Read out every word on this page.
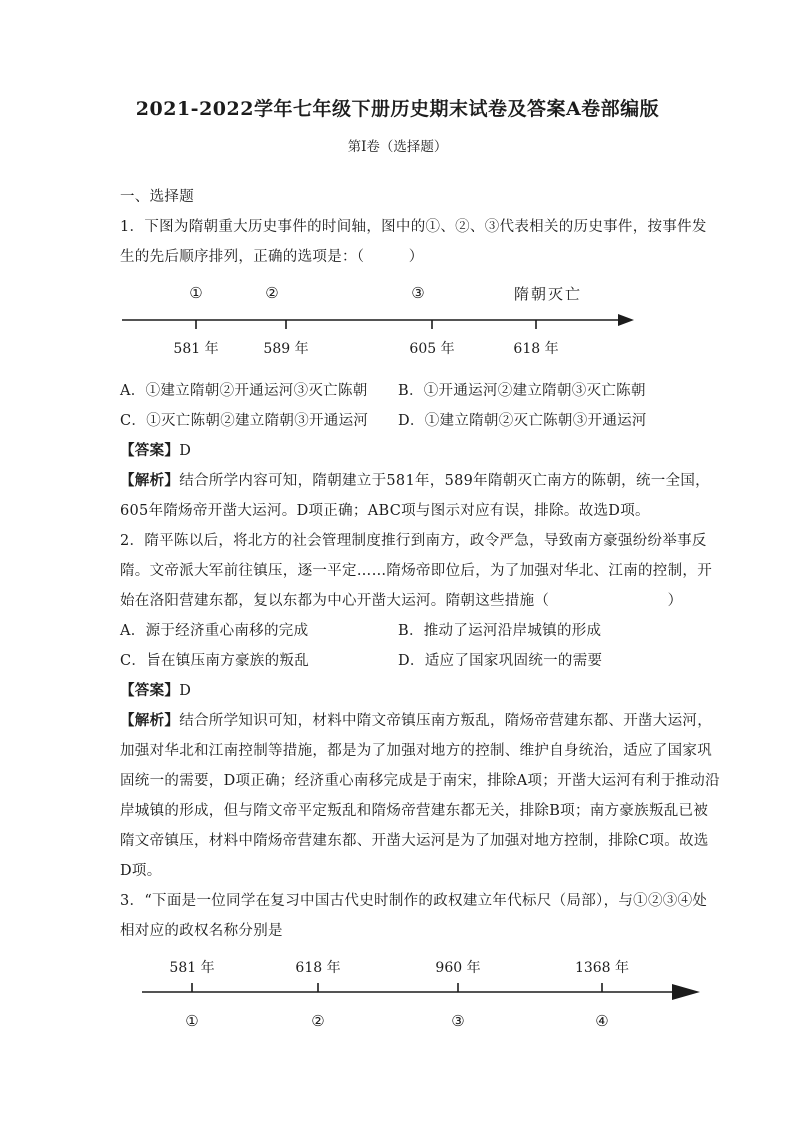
2021-2022学年七年级下册历史期末试卷及答案A卷部编版
第Ⅰ卷（选择题）
一、选择题
1．下图为隋朝重大历史事件的时间轴，图中的①、②、③代表相关的历史事件，按事件发
生的先后顺序排列，正确的选项是：（　　　）
①	②	③	隋朝灭亡
581 年	589 年	605 年	618 年
A．①建立隋朝②开通运河③灭亡陈朝	B．①开通运河②建立隋朝③灭亡陈朝
C．①灭亡陈朝②建立隋朝③开通运河	D．①建立隋朝②灭亡陈朝③开通运河
【答案】D
【解析】结合所学内容可知，隋朝建立于581年，589年隋朝灭亡南方的陈朝，统一全国，
605年隋炀帝开凿大运河。D项正确；ABC项与图示对应有误，排除。故选D项。
2．隋平陈以后，将北方的社会管理制度推行到南方，政令严急，导致南方豪强纷纷举事反
隋。文帝派大军前往镇压，逐一平定……隋炀帝即位后，为了加强对华北、江南的控制，开
始在洛阳营建东都，复以东都为中心开凿大运河。隋朝这些措施（　　　　　　　　）
A．源于经济重心南移的完成	B．推动了运河沿岸城镇的形成
C．旨在镇压南方豪族的叛乱	D．适应了国家巩固统一的需要
【答案】D
【解析】结合所学知识可知，材料中隋文帝镇压南方叛乱，隋炀帝营建东都、开凿大运河，
加强对华北和江南控制等措施，都是为了加强对地方的控制、维护自身统治，适应了国家巩
固统一的需要，D项正确；经济重心南移完成是于南宋，排除A项；开凿大运河有利于推动沿
岸城镇的形成，但与隋文帝平定叛乱和隋炀帝营建东都无关，排除B项；南方豪族叛乱已被
隋文帝镇压，材料中隋炀帝营建东都、开凿大运河是为了加强对地方控制，排除C项。故选
D项。
3．“下面是一位同学在复习中国古代史时制作的政权建立年代标尺（局部），与①②③④处
相对应的政权名称分别是
581 年	618 年	960 年	1368 年
①	②	③	④
